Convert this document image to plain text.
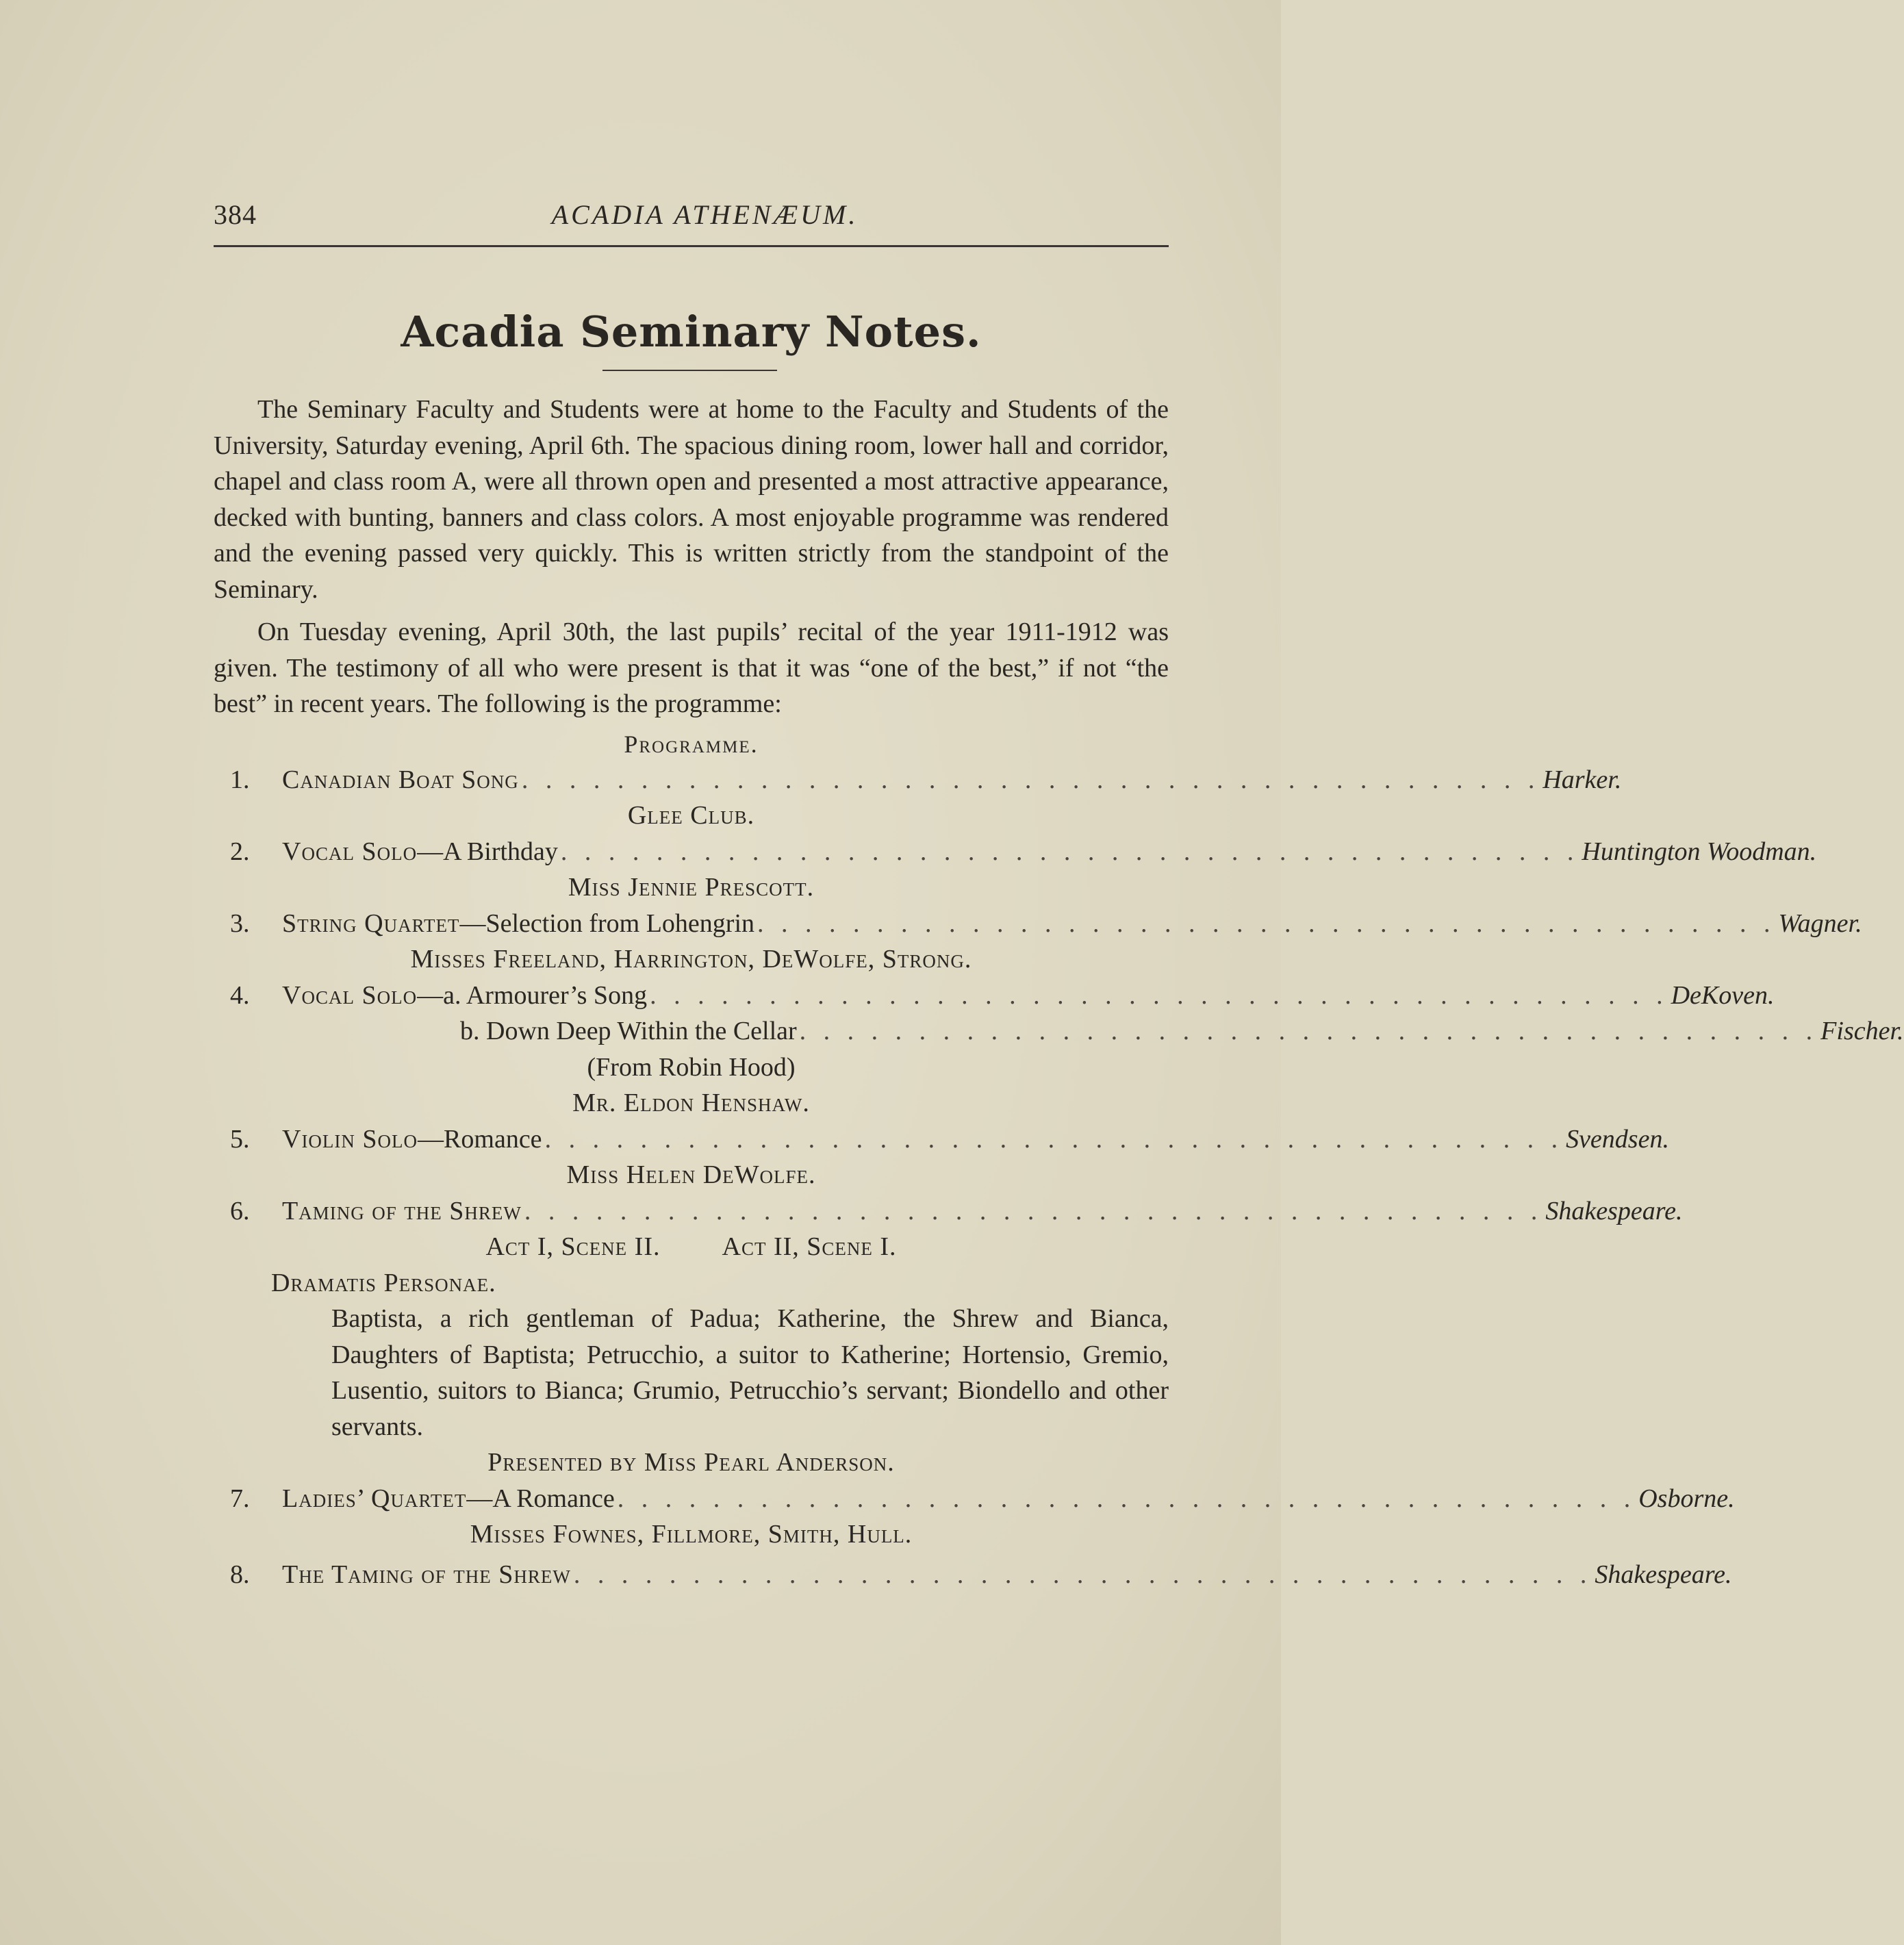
384	ACADIA ATHENÆUM.
Acadia Seminary Notes.

The Seminary Faculty and Students were at home to the Faculty and Students of the University, Saturday evening, April 6th. The spacious dining room, lower hall and corridor, chapel and class room A, were all thrown open and presented a most attractive appearance, decked with bunting, banners and class colors. A most enjoyable programme was rendered and the evening passed very quickly. This is written strictly from the standpoint of the Seminary.

On Tuesday evening, April 30th, the last pupils’ recital of the year 1911-1912 was given. The testimony of all who were present is that it was “one of the best,” if not “the best” in recent years. The following is the programme:

Programme.
1.	Canadian Boat Song . . . . . . . . . . . . . . . . . . . . . . . . . . . . . . . . . . . . . . . . . . . Harker.
Glee Club.
2.	Vocal Solo —A Birthday . . . . . . . . . . . . . . . . . . . . . . . . . . . . . . . . . . . . . . . . . . . Huntington Woodman.
Miss Jennie Prescott.
3.	String Quartet —Selection from Lohengrin . . . . . . . . . . . . . . . . . . . . . . . . . . . . . . . . . . . . . . . . . . . Wagner.
Misses Freeland, Harrington, DeWolfe, Strong.
4.	Vocal Solo —a. Armourer’s Song . . . . . . . . . . . . . . . . . . . . . . . . . . . . . . . . . . . . . . . . . . . DeKoven.
b. Down Deep Within the Cellar . . . . . . . . . . . . . . . . . . . . . . . . . . . . . . . . . . . . . . . . . . . Fischer.
(From Robin Hood)
Mr. Eldon Henshaw.
5.	Violin Solo —Romance . . . . . . . . . . . . . . . . . . . . . . . . . . . . . . . . . . . . . . . . . . . Svendsen.
Miss Helen DeWolfe.
6.	Taming of the Shrew . . . . . . . . . . . . . . . . . . . . . . . . . . . . . . . . . . . . . . . . . . . Shakespeare.
Act I, Scene II. Act II, Scene I.
Dramatis Personae.
Baptista, a rich gentleman of Padua; Katherine, the Shrew and Bianca, Daughters of Baptista; Petrucchio, a suitor to Katherine; Hortensio, Gremio, Lusentio, suitors to Bianca; Grumio, Petrucchio’s servant; Biondello and other servants.
Presented by Miss Pearl Anderson.
7.	Ladies’ Quartet —A Romance . . . . . . . . . . . . . . . . . . . . . . . . . . . . . . . . . . . . . . . . . . . Osborne.
Misses Fownes, Fillmore, Smith, Hull.
8.	The Taming of the Shrew . . . . . . . . . . . . . . . . . . . . . . . . . . . . . . . . . . . . . . . . . . . Shakespeare.
